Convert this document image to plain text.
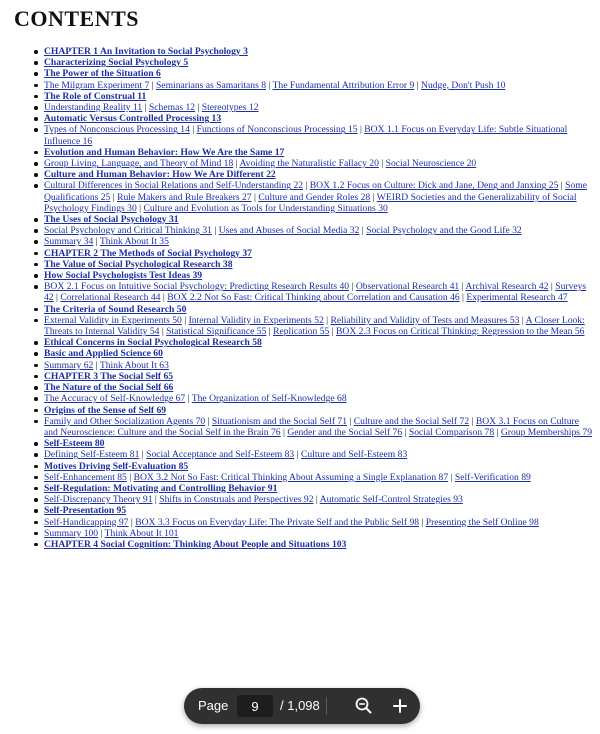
CONTENTS
CHAPTER 1 An Invitation to Social Psychology 3
Characterizing Social Psychology 5
The Power of the Situation 6
The Milgram Experiment 7 | Seminarians as Samaritans 8 | The Fundamental Attribution Error 9 | Nudge, Don't Push 10
The Role of Construal 11
Understanding Reality 11 | Schemas 12 | Stereotypes 12
Automatic Versus Controlled Processing 13
Types of Nonconscious Processing 14 | Functions of Nonconscious Processing 15 | BOX 1.1 Focus on Everyday Life: Subtle Situational Influence 16
Evolution and Human Behavior: How We Are the Same 17
Group Living, Language, and Theory of Mind 18 | Avoiding the Naturalistic Fallacy 20 | Social Neuroscience 20
Culture and Human Behavior: How We Are Different 22
Cultural Differences in Social Relations and Self-Understanding 22 | BOX 1.2 Focus on Culture: Dick and Jane, Deng and Janxing 25 | Some Qualifications 25 | Rule Makers and Rule Breakers 27 | Culture and Gender Roles 28 | WEIRD Societies and the Generalizability of Social Psychology Findings 30 | Culture and Evolution as Tools for Understanding Situations 30
The Uses of Social Psychology 31
Social Psychology and Critical Thinking 31 | Uses and Abuses of Social Media 32 | Social Psychology and the Good Life 32
Summary 34 | Think About It 35
CHAPTER 2 The Methods of Social Psychology 37
The Value of Social Psychological Research 38
How Social Psychologists Test Ideas 39
BOX 2.1 Focus on Intuitive Social Psychology: Predicting Research Results 40 | Observational Research 41 | Archival Research 42 | Surveys 42 | Correlational Research 44 | BOX 2.2 Not So Fast: Critical Thinking about Correlation and Causation 46 | Experimental Research 47
The Criteria of Sound Research 50
External Validity in Experiments 50 | Internal Validity in Experiments 52 | Reliability and Validity of Tests and Measures 53 | A Closer Look: Threats to Internal Validity 54 | Statistical Significance 55 | Replication 55 | BOX 2.3 Focus on Critical Thinking: Regression to the Mean 56
Ethical Concerns in Social Psychological Research 58
Basic and Applied Science 60
Summary 62 | Think About It 63
CHAPTER 3 The Social Self 65
The Nature of the Social Self 66
The Accuracy of Self-Knowledge 67 | The Organization of Self-Knowledge 68
Origins of the Sense of Self 69
Family and Other Socialization Agents 70 | Situationism and the Social Self 71 | Culture and the Social Self 72 | BOX 3.1 Focus on Culture and Neuroscience: Culture and the Social Self in the Brain 76 | Gender and the Social Self 76 | Social Comparison 78 | Group Memberships 79
Self-Esteem 80
Defining Self-Esteem 81 | Social Acceptance and Self-Esteem 83 | Culture and Self-Esteem 83
Motives Driving Self-Evaluation 85
Self-Enhancement 85 | BOX 3.2 Not So Fast: Critical Thinking About Assuming a Single Explanation 87 | Self-Verification 89
Self-Regulation: Motivating and Controlling Behavior 91
Self-Discrepancy Theory 91 | Shifts in Construals and Perspectives 92 | Automatic Self-Control Strategies 93
Self-Presentation 95
Self-Handicapping 97 | BOX 3.3 Focus on Everyday Life: The Private Self and the Public Self 98 | Presenting the Self Online 98
Summary 100 | Think About It 101
CHAPTER 4 Social Cognition: Thinking About People and Situations 103
Page
9	/ 1,098
